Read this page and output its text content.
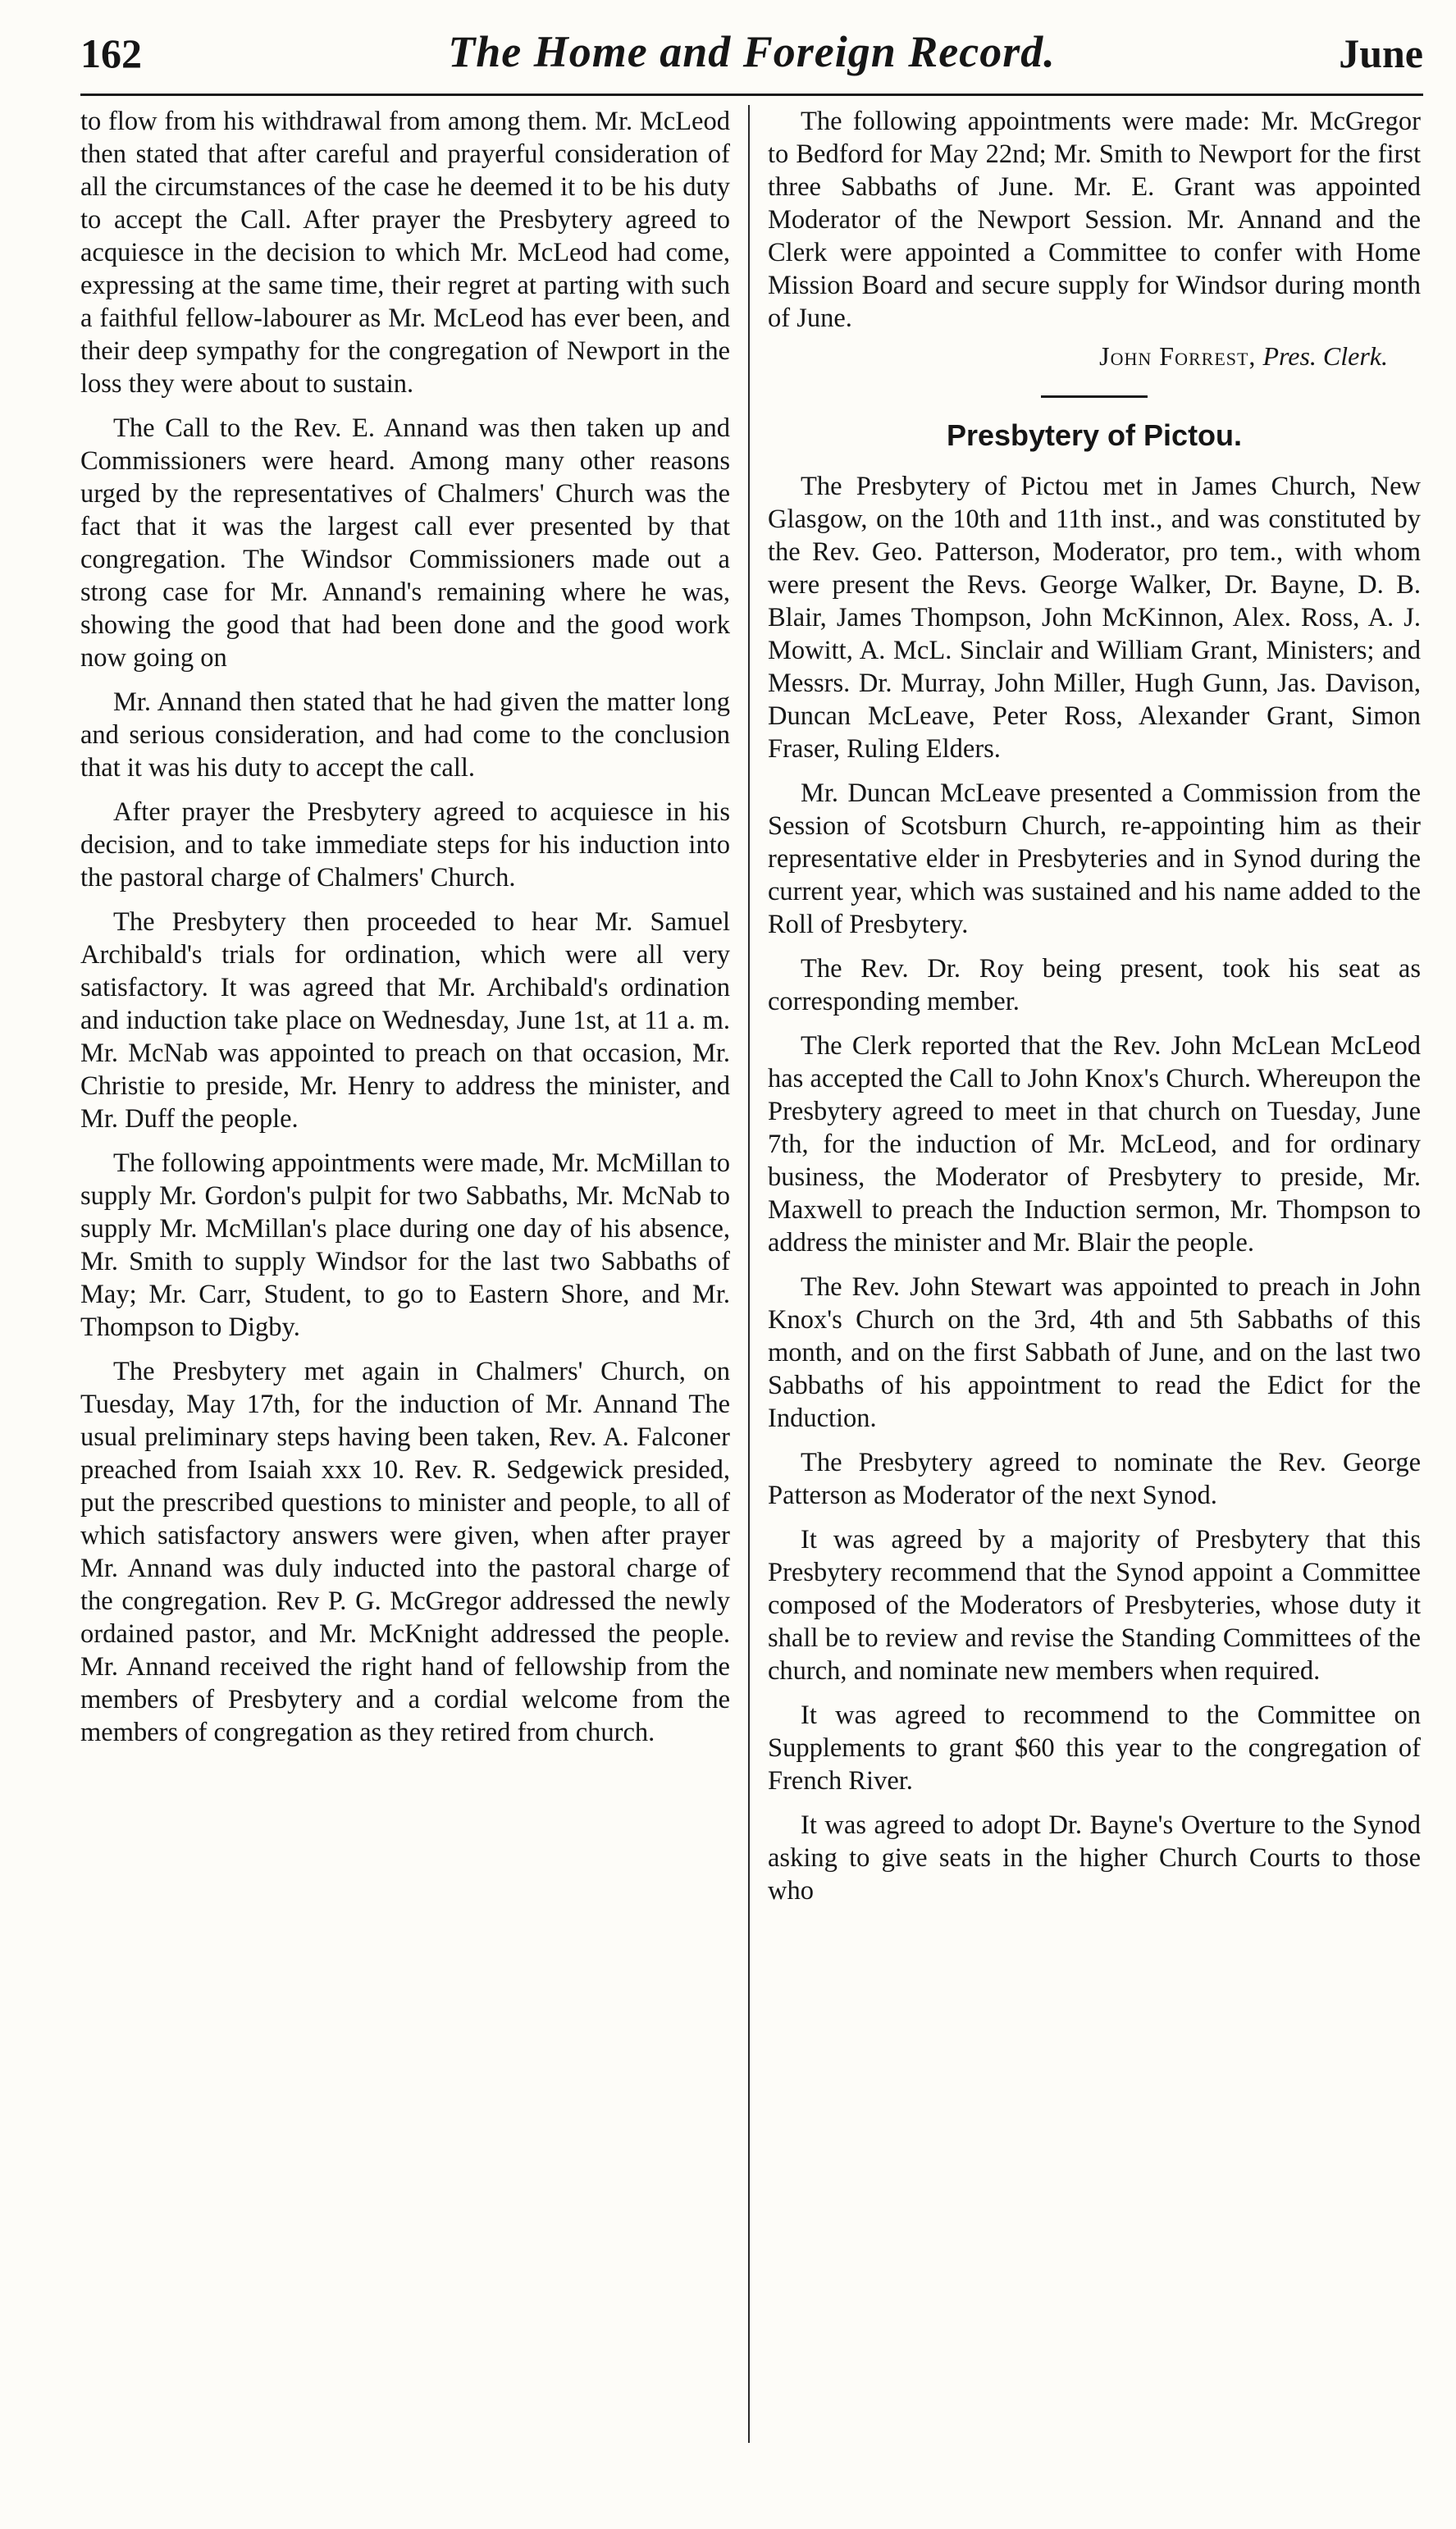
162	The Home and Foreign Record.	June

to flow from his withdrawal from among them. Mr. McLeod then stated that after careful and prayerful consideration of all the circumstances of the case he deemed it to be his duty to accept the Call. After prayer the Presbytery agreed to acquiesce in the decision to which Mr. McLeod had come, expressing at the same time, their regret at parting with such a faithful fellow-labourer as Mr. McLeod has ever been, and their deep sympathy for the congregation of Newport in the loss they were about to sustain.

The Call to the Rev. E. Annand was then taken up and Commissioners were heard. Among many other reasons urged by the representatives of Chalmers' Church was the fact that it was the largest call ever presented by that congregation. The Windsor Commissioners made out a strong case for Mr. Annand's remaining where he was, showing the good that had been done and the good work now going on

Mr. Annand then stated that he had given the matter long and serious consideration, and had come to the conclusion that it was his duty to accept the call.

After prayer the Presbytery agreed to acquiesce in his decision, and to take immediate steps for his induction into the pastoral charge of Chalmers' Church.

The Presbytery then proceeded to hear Mr. Samuel Archibald's trials for ordination, which were all very satisfactory. It was agreed that Mr. Archibald's ordination and induction take place on Wednesday, June 1st, at 11 a. m. Mr. McNab was appointed to preach on that occasion, Mr. Christie to preside, Mr. Henry to address the minister, and Mr. Duff the people.

The following appointments were made, Mr. McMillan to supply Mr. Gordon's pulpit for two Sabbaths, Mr. McNab to supply Mr. McMillan's place during one day of his absence, Mr. Smith to supply Windsor for the last two Sabbaths of May; Mr. Carr, Student, to go to Eastern Shore, and Mr. Thompson to Digby.

The Presbytery met again in Chalmers' Church, on Tuesday, May 17th, for the induction of Mr. Annand The usual preliminary steps having been taken, Rev. A. Falconer preached from Isaiah xxx 10. Rev. R. Sedgewick presided, put the prescribed questions to minister and people, to all of which satisfactory answers were given, when after prayer Mr. Annand was duly inducted into the pastoral charge of the congregation. Rev P. G. McGregor addressed the newly ordained pastor, and Mr. McKnight addressed the people. Mr. Annand received the right hand of fellowship from the members of Presbytery and a cordial welcome from the members of congregation as they retired from church.

The following appointments were made: Mr. McGregor to Bedford for May 22nd; Mr. Smith to Newport for the first three Sabbaths of June. Mr. E. Grant was appointed Moderator of the Newport Session. Mr. Annand and the Clerk were appointed a Committee to confer with Home Mission Board and secure supply for Windsor during month of June.

John Forrest, Pres. Clerk.
Presbytery of Pictou.

The Presbytery of Pictou met in James Church, New Glasgow, on the 10th and 11th inst., and was constituted by the Rev. Geo. Patterson, Moderator, pro tem., with whom were present the Revs. George Walker, Dr. Bayne, D. B. Blair, James Thompson, John McKinnon, Alex. Ross, A. J. Mowitt, A. McL. Sinclair and William Grant, Ministers; and Messrs. Dr. Murray, John Miller, Hugh Gunn, Jas. Davison, Duncan McLeave, Peter Ross, Alexander Grant, Simon Fraser, Ruling Elders.

Mr. Duncan McLeave presented a Commission from the Session of Scotsburn Church, re-appointing him as their representative elder in Presbyteries and in Synod during the current year, which was sustained and his name added to the Roll of Presbytery.

The Rev. Dr. Roy being present, took his seat as corresponding member.

The Clerk reported that the Rev. John McLean McLeod has accepted the Call to John Knox's Church. Whereupon the Presbytery agreed to meet in that church on Tuesday, June 7th, for the induction of Mr. McLeod, and for ordinary business, the Moderator of Presbytery to preside, Mr. Maxwell to preach the Induction sermon, Mr. Thompson to address the minister and Mr. Blair the people.

The Rev. John Stewart was appointed to preach in John Knox's Church on the 3rd, 4th and 5th Sabbaths of this month, and on the first Sabbath of June, and on the last two Sabbaths of his appointment to read the Edict for the Induction.

The Presbytery agreed to nominate the Rev. George Patterson as Moderator of the next Synod.

It was agreed by a majority of Presbytery that this Presbytery recommend that the Synod appoint a Committee composed of the Moderators of Presbyteries, whose duty it shall be to review and revise the Standing Committees of the church, and nominate new members when required.

It was agreed to recommend to the Committee on Supplements to grant $60 this year to the congregation of French River.

It was agreed to adopt Dr. Bayne's Overture to the Synod asking to give seats in the higher Church Courts to those who
